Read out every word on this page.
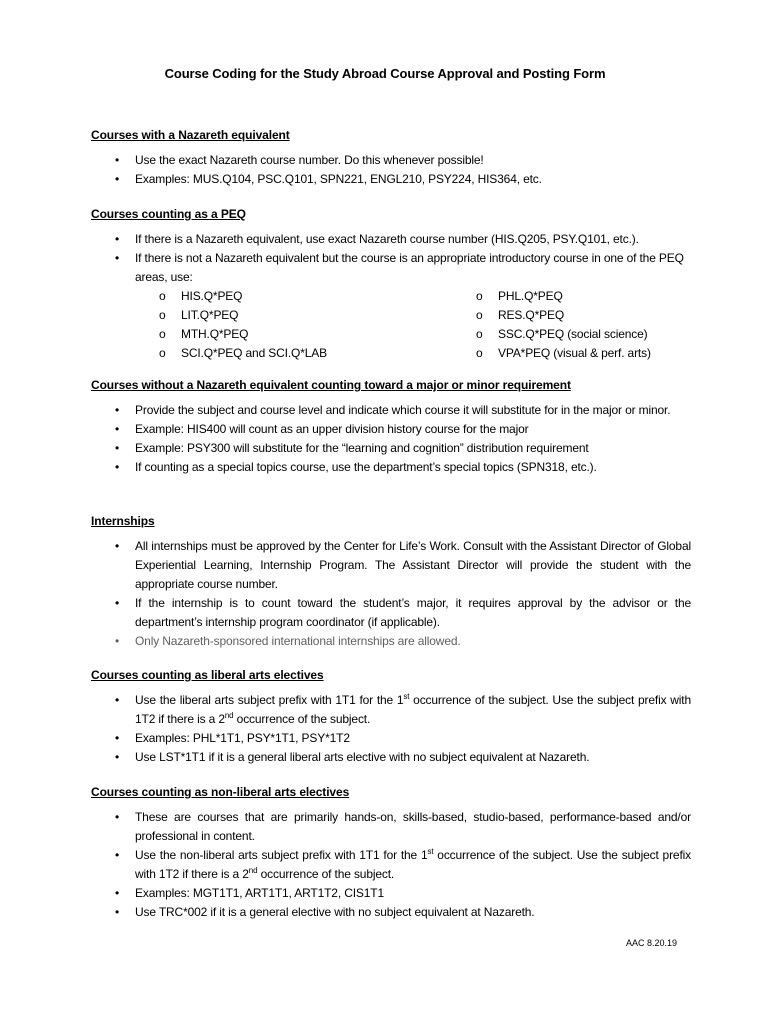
Course Coding for the Study Abroad Course Approval and Posting Form
Courses with a Nazareth equivalent
• Use the exact Nazareth course number. Do this whenever possible!
• Examples: MUS.Q104, PSC.Q101, SPN221, ENGL210, PSY224, HIS364, etc.
Courses counting as a PEQ
• If there is a Nazareth equivalent, use exact Nazareth course number (HIS.Q205, PSY.Q101, etc.).
• If there is not a Nazareth equivalent but the course is an appropriate introductory course in one of the PEQ areas, use:
o HIS.Q*PEQ
o LIT.Q*PEQ
o MTH.Q*PEQ
o SCI.Q*PEQ and SCI.Q*LAB
o PHL.Q*PEQ
o RES.Q*PEQ
o SSC.Q*PEQ (social science)
o VPA*PEQ (visual & perf. arts)
Courses without a Nazareth equivalent counting toward a major or minor requirement
• Provide the subject and course level and indicate which course it will substitute for in the major or minor.
• Example: HIS400 will count as an upper division history course for the major
• Example: PSY300 will substitute for the “learning and cognition” distribution requirement
• If counting as a special topics course, use the department’s special topics (SPN318, etc.).
Internships
• All internships must be approved by the Center for Life’s Work. Consult with the Assistant Director of Global Experiential Learning, Internship Program. The Assistant Director will provide the student with the appropriate course number.
• If the internship is to count toward the student’s major, it requires approval by the advisor or the department’s internship program coordinator (if applicable).
• Only Nazareth-sponsored international internships are allowed.
Courses counting as liberal arts electives
• Use the liberal arts subject prefix with 1T1 for the 1st occurrence of the subject. Use the subject prefix with 1T2 if there is a 2nd occurrence of the subject.
• Examples: PHL*1T1, PSY*1T1, PSY*1T2
• Use LST*1T1 if it is a general liberal arts elective with no subject equivalent at Nazareth.
Courses counting as non-liberal arts electives
• These are courses that are primarily hands-on, skills-based, studio-based, performance-based and/or professional in content.
• Use the non-liberal arts subject prefix with 1T1 for the 1st occurrence of the subject. Use the subject prefix with 1T2 if there is a 2nd occurrence of the subject.
• Examples: MGT1T1, ART1T1, ART1T2, CIS1T1
• Use TRC*002 if it is a general elective with no subject equivalent at Nazareth.
AAC 8.20.19
